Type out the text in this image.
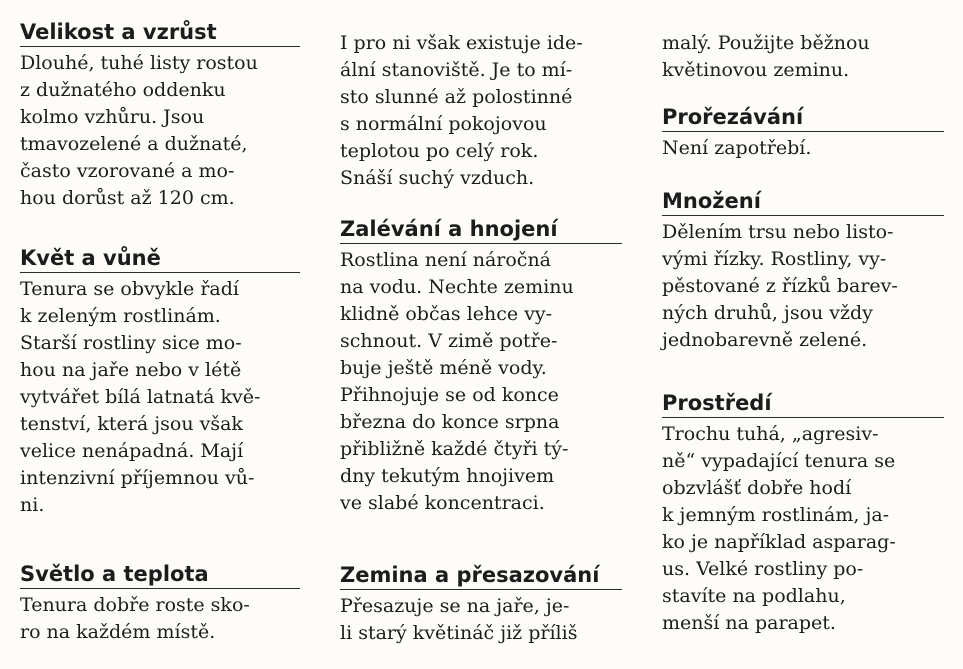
Velikost a vzrůst
Dlouhé, tuhé listy rostou
z dužnatého oddenku
kolmo vzhůru. Jsou
tmavozelené a dužnaté,
často vzorované a mo-
hou dorůst až 120 cm.
Květ a vůně
Tenura se obvykle řadí
k zeleným rostlinám.
Starší rostliny sice mo-
hou na jaře nebo v létě
vytvářet bílá latnatá kvě-
tenství, která jsou však
velice nenápadná. Mají
intenzivní příjemnou vů-
ni.
Světlo a teplota
Tenura dobře roste sko-
ro na každém místě.
I pro ni však existuje ide-
ální stanoviště. Je to mí-
sto slunné až polostinné
s normální pokojovou
teplotou po celý rok.
Snáší suchý vzduch.
Zalévání a hnojení
Rostlina není náročná
na vodu. Nechte zeminu
klidně občas lehce vy-
schnout. V zimě potře-
buje ještě méně vody.
Přihnojuje se od konce
března do konce srpna
přibližně každé čtyři tý-
dny tekutým hnojivem
ve slabé koncentraci.
Zemina a přesazování
Přesazuje se na jaře, je-
li starý květináč již příliš
malý. Použijte běžnou
květinovou zeminu.
Prořezávání
Není zapotřebí.
Množení
Dělením trsu nebo listo-
vými řízky. Rostliny, vy-
pěstované z řízků barev-
ných druhů, jsou vždy
jednobarevně zelené.
Prostředí
Trochu tuhá, „agresiv-
ně“ vypadající tenura se
obzvlášť dobře hodí
k jemným rostlinám, ja-
ko je například asparag-
us. Velké rostliny po-
stavíte na podlahu,
menší na parapet.
